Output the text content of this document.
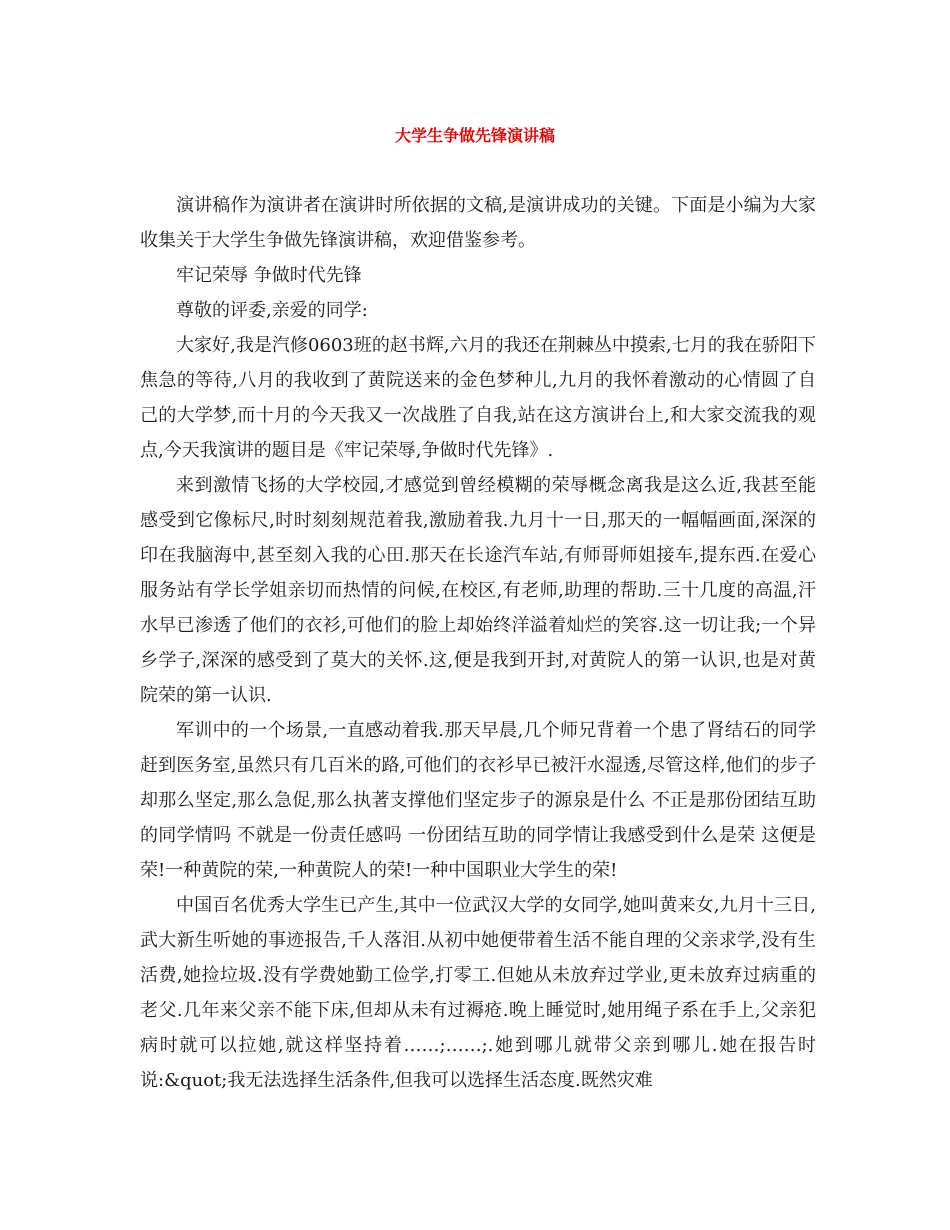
大学生争做先锋演讲稿

演讲稿作为演讲者在演讲时所依据的文稿,是演讲成功的关键。下面是小编为大家收集关于大学生争做先锋演讲稿，欢迎借鉴参考。

牢记荣辱 争做时代先锋

尊敬的评委,亲爱的同学:

大家好,我是汽修0603班的赵书辉,六月的我还在荆棘丛中摸索,七月的我在骄阳下焦急的等待,八月的我收到了黄院送来的金色梦种儿,九月的我怀着激动的心情圆了自己的大学梦,而十月的今天我又一次战胜了自我,站在这方演讲台上,和大家交流我的观点,今天我演讲的题目是《牢记荣辱,争做时代先锋》.

来到激情飞扬的大学校园,才感觉到曾经模糊的荣辱概念离我是这么近,我甚至能感受到它像标尺,时时刻刻规范着我,激励着我.九月十一日,那天的一幅幅画面,深深的印在我脑海中,甚至刻入我的心田.那天在长途汽车站,有师哥师姐接车,提东西.在爱心服务站有学长学姐亲切而热情的问候,在校区,有老师,助理的帮助.三十几度的高温,汗水早已渗透了他们的衣衫,可他们的脸上却始终洋溢着灿烂的笑容.这一切让我;一个异乡学子,深深的感受到了莫大的关怀.这,便是我到开封,对黄院人的第一认识,也是对黄院荣的第一认识.

军训中的一个场景,一直感动着我.那天早晨,几个师兄背着一个患了肾结石的同学赶到医务室,虽然只有几百米的路,可他们的衣衫早已被汗水湿透,尽管这样,他们的步子却那么坚定,那么急促,那么执著支撑他们坚定步子的源泉是什么 不正是那份团结互助的同学情吗 不就是一份责任感吗 一份团结互助的同学情让我感受到什么是荣 这便是荣!一种黄院的荣,一种黄院人的荣!一种中国职业大学生的荣!

中国百名优秀大学生已产生,其中一位武汉大学的女同学,她叫黄来女,九月十三日,武大新生听她的事迹报告,千人落泪.从初中她便带着生活不能自理的父亲求学,没有生活费,她捡垃圾.没有学费她勤工俭学,打零工.但她从未放弃过学业,更未放弃过病重的老父.几年来父亲不能下床,但却从未有过褥疮.晚上睡觉时,她用绳子系在手上,父亲犯病时就可以拉她,就这样坚持着……;……;.她到哪儿就带父亲到哪儿.她在报告时说:&quot;我无法选择生活条件,但我可以选择生活态度.既然灾难
